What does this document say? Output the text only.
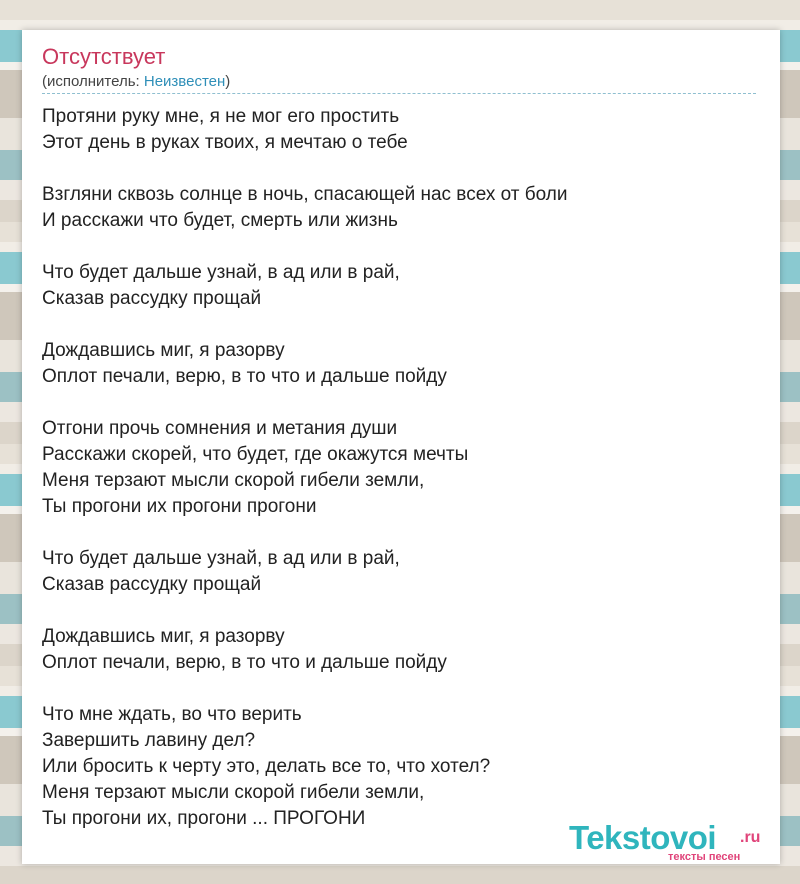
Отсутствует
(исполнитель: Неизвестен)
Протяни руку мне, я не мог его простить
Этот день в руках твоих, я мечтаю о тебе
Взгляни сквозь солнце в ночь, спасающей нас всех от боли
И расскажи что будет, смерть или жизнь
Что будет дальше узнай, в ад или в рай,
Сказав рассудку прощай
Дождавшись миг, я разорву
Оплот печали, верю, в то что и дальше пойду
Отгони прочь сомнения и метания души
Расскажи скорей, что будет, где окажутся мечты
Меня терзают мысли скорой гибели земли,
Ты прогони их прогони прогони
Что будет дальше узнай, в ад или в рай,
Сказав рассудку прощай
Дождавшись миг, я разорву
Оплот печали, верю, в то что и дальше пойду
Что мне ждать, во что верить
Завершить лавину дел?
Или бросить к черту это, делать все то, что хотел?
Меня терзают мысли скорой гибели земли,
Ты прогони их, прогони ... ПРОГОНИ
Tekstovoi .ru
тексты песен
